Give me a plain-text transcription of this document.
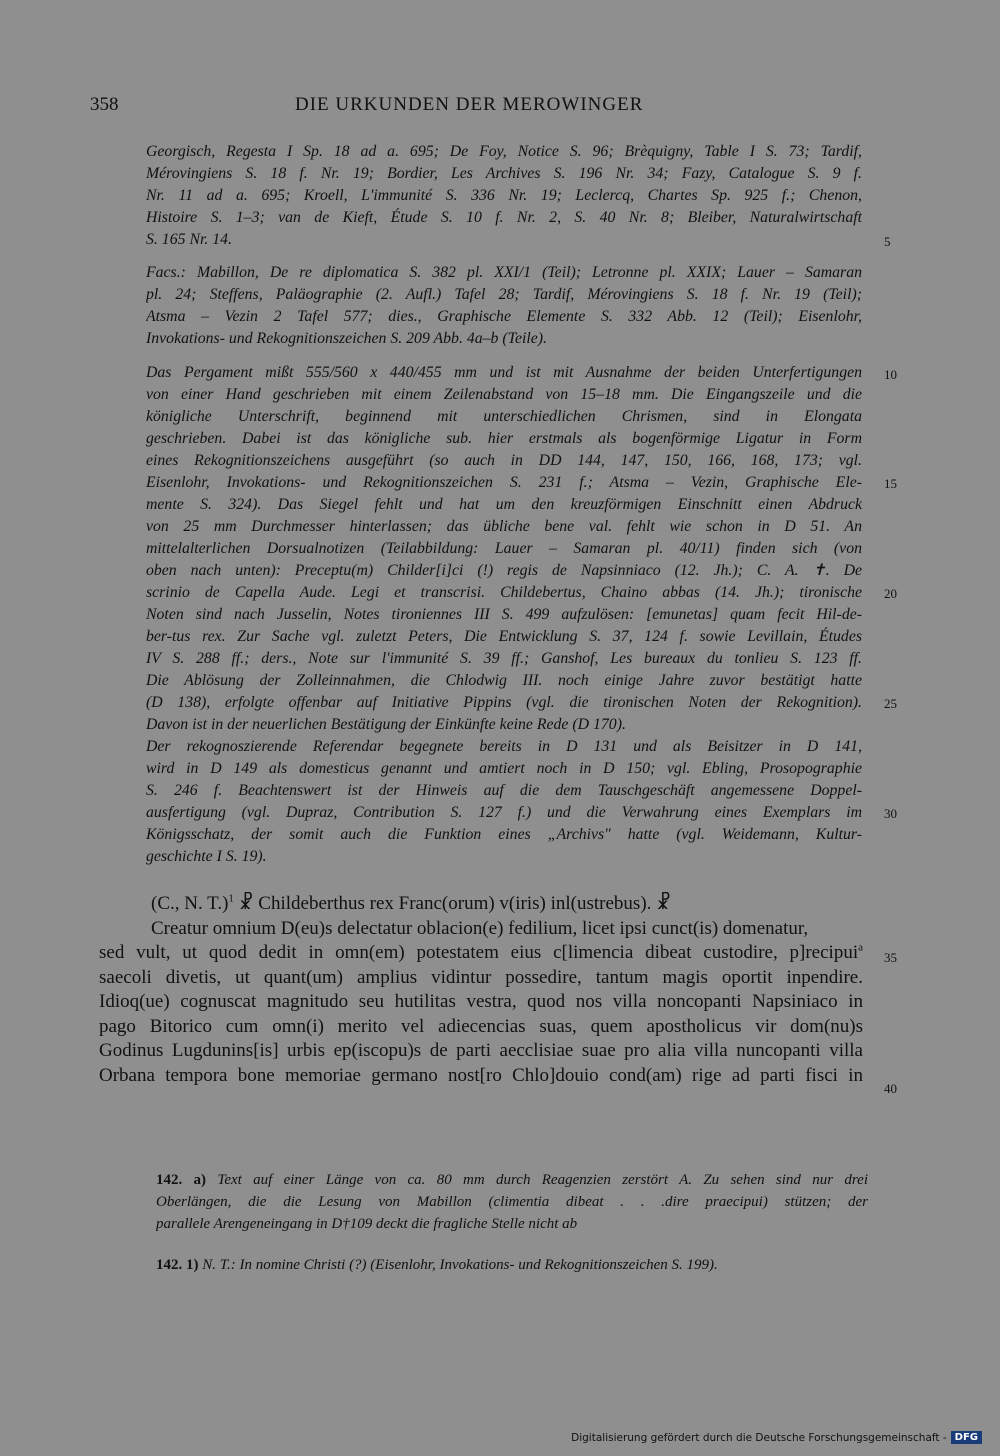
358	DIE URKUNDEN DER MEROWINGER
Georgisch, Regesta I Sp. 18 ad a. 695; De Foy, Notice S. 96; Brèquigny, Table I S. 73; Tardif,
Mérovingiens S. 18 f. Nr. 19; Bordier, Les Archives S. 196 Nr. 34; Fazy, Catalogue S. 9 f.
Nr. 11 ad a. 695; Kroell, L'immunité S. 336 Nr. 19; Leclercq, Chartes Sp. 925 f.; Chenon,
Histoire S. 1–3; van de Kieft, Étude S. 10 f. Nr. 2, S. 40 Nr. 8; Bleiber, Naturalwirtschaft
S. 165 Nr. 14.
Facs.: Mabillon, De re diplomatica S. 382 pl. XXI/1 (Teil); Letronne pl. XXIX; Lauer – Samaran
pl. 24; Steffens, Paläographie (2. Aufl.) Tafel 28; Tardif, Mérovingiens S. 18 f. Nr. 19 (Teil);
Atsma – Vezin 2 Tafel 577; dies., Graphische Elemente S. 332 Abb. 12 (Teil); Eisenlohr,
Invokations- und Rekognitionszeichen S. 209 Abb. 4a–b (Teile).
Das Pergament mißt 555/560 x 440/455 mm und ist mit Ausnahme der beiden Unterfertigungen
von einer Hand geschrieben mit einem Zeilenabstand von 15–18 mm. Die Eingangszeile und die
königliche Unterschrift, beginnend mit unterschiedlichen Chrismen, sind in Elongata
geschrieben. Dabei ist das königliche sub. hier erstmals als bogenförmige Ligatur in Form
eines Rekognitionszeichens ausgeführt (so auch in DD 144, 147, 150, 166, 168, 173; vgl.
Eisenlohr, Invokations- und Rekognitionszeichen S. 231 f.; Atsma – Vezin, Graphische Ele-
mente S. 324). Das Siegel fehlt und hat um den kreuzförmigen Einschnitt einen Abdruck
von 25 mm Durchmesser hinterlassen; das übliche bene val. fehlt wie schon in D 51. An
mittelalterlichen Dorsualnotizen (Teilabbildung: Lauer – Samaran pl. 40/11) finden sich (von
oben nach unten): Preceptu(m) Childer[i]ci (!) regis de Napsinniaco (12. Jh.); C. A. ✝. De
scrinio de Capella Aude. Legi et transcrisi. Childebertus, Chaino abbas (14. Jh.); tironische
Noten sind nach Jusselin, Notes tironiennes III S. 499 aufzulösen: [emunetas] quam fecit Hil-de-
ber-tus rex. Zur Sache vgl. zuletzt Peters, Die Entwicklung S. 37, 124 f. sowie Levillain, Études
IV S. 288 ff.; ders., Note sur l'immunité S. 39 ff.; Ganshof, Les bureaux du tonlieu S. 123 ff.
Die Ablösung der Zolleinnahmen, die Chlodwig III. noch einige Jahre zuvor bestätigt hatte
(D 138), erfolgte offenbar auf Initiative Pippins (vgl. die tironischen Noten der Rekognition).
Davon ist in der neuerlichen Bestätigung der Einkünfte keine Rede (D 170).
Der rekognoszierende Referendar begegnete bereits in D 131 und als Beisitzer in D 141,
wird in D 149 als domesticus genannt und amtiert noch in D 150; vgl. Ebling, Prosopographie
S. 246 f. Beachtenswert ist der Hinweis auf die dem Tauschgeschäft angemessene Doppel-
ausfertigung (vgl. Dupraz, Contribution S. 127 f.) und die Verwahrung eines Exemplars im
Königsschatz, der somit auch die Funktion eines „Archivs" hatte (vgl. Weidemann, Kultur-
geschichte I S. 19).
(C., N. T.)$^1$ ☧ Childeberthus rex Franc(orum) v(iris) inl(ustrebus). ☧
Creatur omnium D(eu)s delectatur oblacion(e) fedilium, licet ipsi cunct(is) domenatur,
sed vult, ut quod dedit in omn(em) potestatem eius c[limencia dibeat custodire, p]recipui$^a$
saecoli divetis, ut quant(um) amplius vidintur possedire, tantum magis oportit inpendire.
Idioq(ue) cognuscat magnitudo seu hutilitas vestra, quod nos villa noncopanti Napsiniaco in
pago Bitorico cum omn(i) merito vel adiecencias suas, quem apostholicus vir dom(nu)s
Godinus Lugdunins[is] urbis ep(iscopu)s de parti aecclisiae suae pro alia villa nuncopanti villa
Orbana tempora bone memoriae germano nost[ro Chlo]douio cond(am) rige ad parti fisci in
5
10
15
20
25
30
35
40
142. a) Text auf einer Länge von ca. 80 mm durch Reagenzien zerstört A. Zu sehen sind nur drei
Oberlängen, die die Lesung von Mabillon (climentia dibeat . . .dire praecipui) stützen; der
parallele Arengeneingang in D†109 deckt die fragliche Stelle nicht ab
142. 1) N. T.: In nomine Christi (?) (Eisenlohr, Invokations- und Rekognitionszeichen S. 199).
Digitalisierung gefördert durch die Deutsche Forschungsgemeinschaft - DFG
